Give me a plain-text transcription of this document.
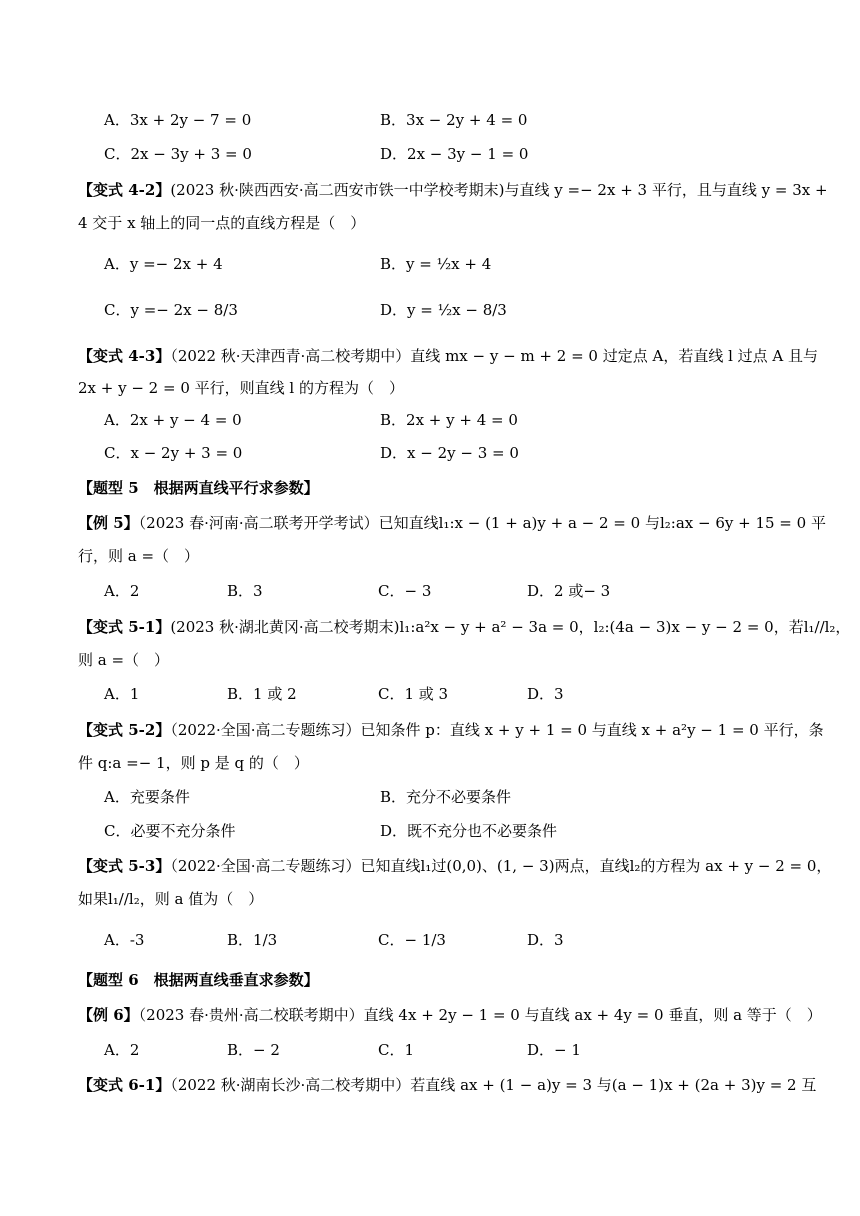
A．3x + 2y − 7 = 0	B．3x − 2y + 4 = 0
C．2x − 3y + 3 = 0	D．2x − 3y − 1 = 0
【变式 4-2】(2023 秋·陕西西安·高二西安市铁一中学校考期末)与直线 y =− 2x + 3 平行，且与直线 y = 3x +
4 交于 x 轴上的同一点的直线方程是（　）
A．y =− 2x + 4	B．y = ½x + 4
C．y =− 2x − 8/3	D．y = ½x − 8/3
【变式 4-3】（2022 秋·天津西青·高二校考期中）直线 mx − y − m + 2 = 0 过定点 A，若直线 l 过点 A 且与
2x + y − 2 = 0 平行，则直线 l 的方程为（　）
A．2x + y − 4 = 0	B．2x + y + 4 = 0
C．x − 2y + 3 = 0	D．x − 2y − 3 = 0
【题型 5　根据两直线平行求参数】
【例 5】（2023 春·河南·高二联考开学考试）已知直线l₁:x − (1 + a)y + a − 2 = 0 与l₂:ax − 6y + 15 = 0 平
行，则 a =（　）
A．2	B．3	C．− 3	D．2 或− 3
【变式 5-1】(2023 秋·湖北黄冈·高二校考期末)l₁:a²x − y + a² − 3a = 0，l₂:(4a − 3)x − y − 2 = 0，若l₁//l₂，
则 a =（　）
A．1	B．1 或 2	C．1 或 3	D．3
【变式 5-2】（2022·全国·高二专题练习）已知条件 p：直线 x + y + 1 = 0 与直线 x + a²y − 1 = 0 平行，条
件 q:a =− 1，则 p 是 q 的（　）
A．充要条件	B．充分不必要条件
C．必要不充分条件	D．既不充分也不必要条件
【变式 5-3】（2022·全国·高二专题练习）已知直线l₁过(0,0)、(1, − 3)两点，直线l₂的方程为 ax + y − 2 = 0，
如果l₁//l₂，则 a 值为（　）
A．-3	B．1/3	C．− 1/3	D．3
【题型 6　根据两直线垂直求参数】
【例 6】（2023 春·贵州·高二校联考期中）直线 4x + 2y − 1 = 0 与直线 ax + 4y = 0 垂直，则 a 等于（　）
A．2	B．− 2	C．1	D．− 1
【变式 6-1】（2022 秋·湖南长沙·高二校考期中）若直线 ax + (1 − a)y = 3 与(a − 1)x + (2a + 3)y = 2 互
